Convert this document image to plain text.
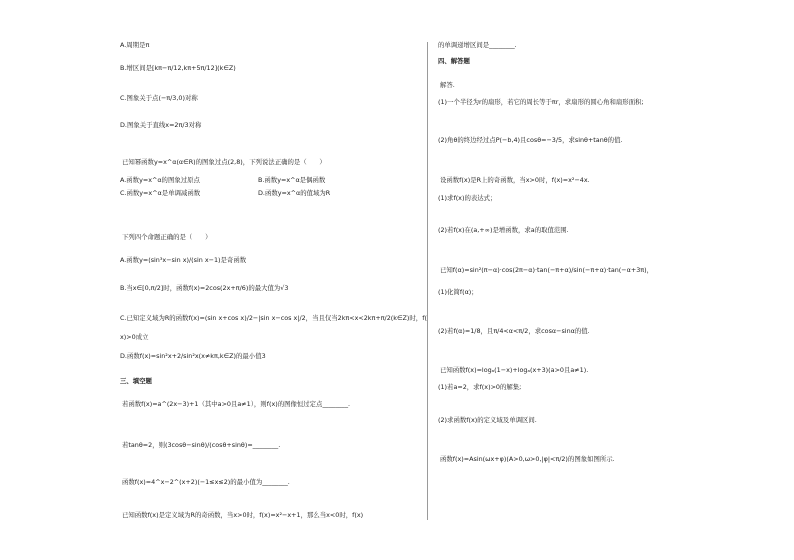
A.周期是π
B.增区间是[kπ−π/12,kπ+5π/12](k∈Z)
C.图象关于点(−π/3,0)对称
D.图象关于直线x=2π/3对称
已知幂函数y=x^α(α∈R)的图象过点(2,8)，下列说法正确的是（　　）
A.函数y=x^α的图象过原点	B.函数y=x^α是偶函数
C.函数y=x^α是单调减函数	D.函数y=x^α的值域为R
下列四个命题正确的是（　　）
A.函数y=(sin³x−sin x)/(sin x−1)是奇函数
B.当x∈[0,π/2]时，函数f(x)=2cos(2x+π/6)的最大值为√3
C.已知定义域为R的函数f(x)=(sin x+cos x)/2−|sin x−cos x|/2，当且仅当2kπ<x<2kπ+π/2(k∈Z)时，f(
x)>0成立
D.函数f(x)=sin²x+2/sin²x(x≠kπ,k∈Z)的最小值3
三、填空题
若函数f(x)=a^(2x−3)+1（其中a>0且a≠1），则f(x)的图像恒过定点________.
若tanθ=2，则(3cosθ−sinθ)/(cosθ+sinθ)=________.
函数f(x)=4^x−2^(x+2)(−1≤x≤2)的最小值为________.
已知函数f(x)是定义域为R的奇函数，当x>0时，f(x)=x²−x+1，那么当x<0时，f(x)
的单调递增区间是________.
四、解答题
解答.
(1)一个半径为r的扇形，若它的周长等于πr，求扇形的圆心角和扇形面积;
(2)角θ的终边经过点P(−b,4)且cosθ=−3/5，求sinθ+tanθ的值.
设函数f(x)是R上的奇函数，当x>0时，f(x)=x²−4x.
(1)求f(x)的表达式；
(2)若f(x)在(a,+∞)是增函数，求a的取值范围.
已知f(α)=sin²(π−α)·cos(2π−α)·tan(−π+α)/sin(−π+α)·tan(−α+3π)，
(1)化简f(α)；
(2)若f(α)=1/8，且π/4<α<π/2，求cosα−sinα的值.
已知函数f(x)=logₐ(1−x)+logₐ(x+3)(a>0且a≠1).
(1)若a=2，求f(x)>0的解集;
(2)求函数f(x)的定义域及单调区间.
函数f(x)=Asin(ωx+φ)(A>0,ω>0,|φ|<π/2)的图象如图所示.
